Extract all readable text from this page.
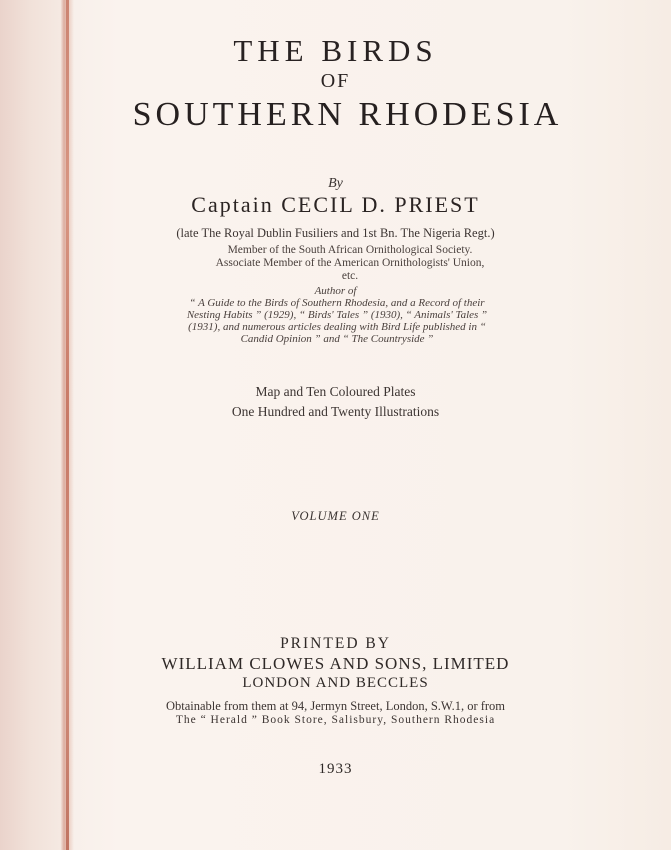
THE BIRDS
OF
SOUTHERN RHODESIA
By
Captain CECIL D. PRIEST
(late The Royal Dublin Fusiliers and 1st Bn. The Nigeria Regt.)
Member of the South African Ornithological Society. Associate Member of the American Ornithologists' Union, etc.
Author of
“ A Guide to the Birds of Southern Rhodesia, and a Record of their Nesting Habits ” (1929), “ Birds' Tales ” (1930), “ Animals' Tales ” (1931), and numerous articles dealing with Bird Life published in “ Candid Opinion ” and “ The Countryside ”
Map and Ten Coloured Plates
One Hundred and Twenty Illustrations
VOLUME ONE
PRINTED BY
WILLIAM CLOWES AND SONS, LIMITED
LONDON AND BECCLES
Obtainable from them at 94, Jermyn Street, London, S.W.1, or from
The “ Herald ” Book Store, Salisbury, Southern Rhodesia
1933
